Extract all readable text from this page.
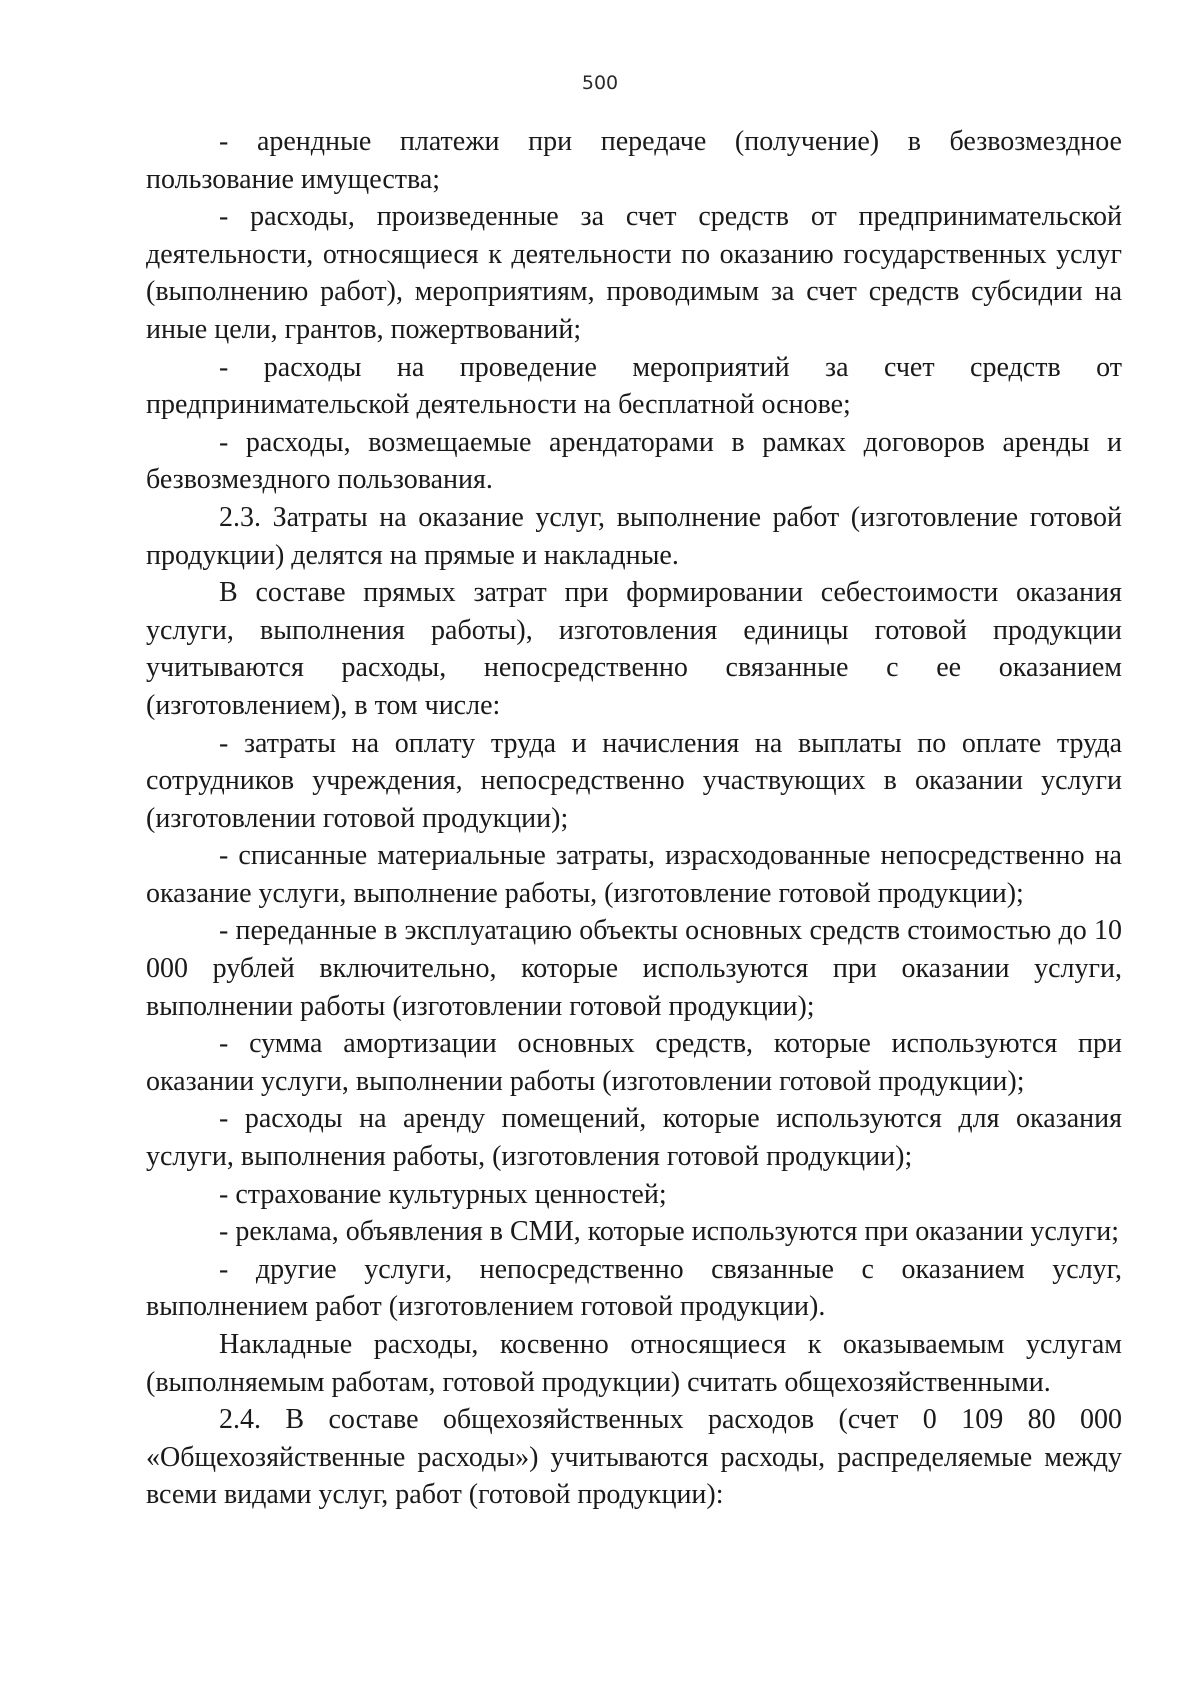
500

- арендные платежи при передаче (получение) в безвозмездное пользование имущества;

- расходы, произведенные за счет средств от предпринимательской деятельности, относящиеся к деятельности по оказанию государственных услуг (выполнению работ), мероприятиям, проводимым за счет средств субсидии на иные цели, грантов, пожертвований;

- расходы на проведение мероприятий за счет средств от предпринимательской деятельности на бесплатной основе;

- расходы, возмещаемые арендаторами в рамках договоров аренды и безвозмездного пользования.

2.3. Затраты на оказание услуг, выполнение работ (изготовление готовой продукции) делятся на прямые и накладные.

В составе прямых затрат при формировании себестоимости оказания услуги, выполнения работы), изготовления единицы готовой продукции учитываются расходы, непосредственно связанные с ее оказанием (изготовлением), в том числе:

- затраты на оплату труда и начисления на выплаты по оплате труда сотрудников учреждения, непосредственно участвующих в оказании услуги (изготовлении готовой продукции);

- списанные материальные затраты, израсходованные непосредственно на оказание услуги, выполнение работы, (изготовление готовой продукции);

- переданные в эксплуатацию объекты основных средств стоимостью до 10 000 рублей включительно, которые используются при оказании услуги, выполнении работы (изготовлении готовой продукции);

- сумма амортизации основных средств, которые используются при оказании услуги, выполнении работы (изготовлении готовой продукции);

- расходы на аренду помещений, которые используются для оказания услуги, выполнения работы, (изготовления готовой продукции);

- страхование культурных ценностей;

- реклама, объявления в СМИ, которые используются при оказании услуги;

- другие услуги, непосредственно связанные с оказанием услуг, выполнением работ (изготовлением готовой продукции).

Накладные расходы, косвенно относящиеся к оказываемым услугам (выполняемым работам, готовой продукции) считать общехозяйственными.

2.4. В составе общехозяйственных расходов (счет 0 109 80 000 «Общехозяйственные расходы») учитываются расходы, распределяемые между всеми видами услуг, работ (готовой продукции):
